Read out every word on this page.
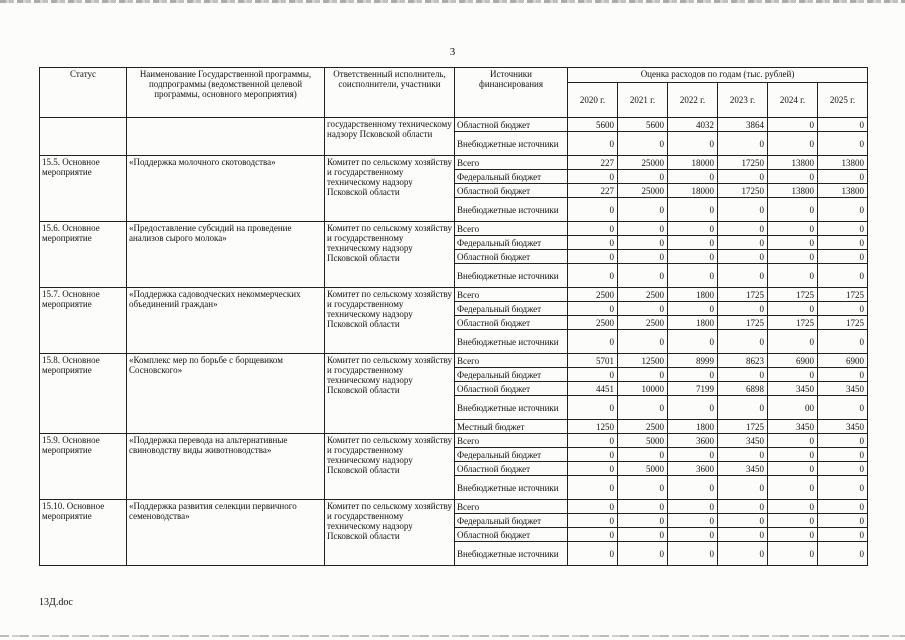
3
Статус	Наименование Государственной программы, подпрограммы (ведомственной целевой программы, основного мероприятия)	Ответственный исполнитель, соисполнители, участники	Источники финансирования	Оценка расходов по годам (тыс. рублей)					
				2020 г.	2021 г.	2022 г.	2023 г.	2024 г.	2025 г.
		государственному техническому надзору Псковской области	Областной бюджет	5600	5600	4032	3864	0	0
			Внебюджетные источники	0	0	0	0	0	0
15.5. Основное мероприятие	«Поддержка молочного скотоводства»	Комитет по сельскому хозяйству и государственному техническому надзору Псковской области	Всего	227	25000	18000	17250	13800	13800
			Федеральный бюджет	0	0	0	0	0	0
			Областной бюджет	227	25000	18000	17250	13800	13800
			Внебюджетные источники	0	0	0	0	0	0
15.6. Основное мероприятие	«Предоставление субсидий на проведение анализов сырого молока»	Комитет по сельскому хозяйству и государственному техническому надзору Псковской области	Всего	0	0	0	0	0	0
			Федеральный бюджет	0	0	0	0	0	0
			Областной бюджет	0	0	0	0	0	0
			Внебюджетные источники	0	0	0	0	0	0
15.7. Основное мероприятие	«Поддержка садоводческих некоммерческих объединений граждан»	Комитет по сельскому хозяйству и государственному техническому надзору Псковской области	Всего	2500	2500	1800	1725	1725	1725
			Федеральный бюджет	0	0	0	0	0	0
			Областной бюджет	2500	2500	1800	1725	1725	1725
			Внебюджетные источники	0	0	0	0	0	0
15.8. Основное мероприятие	«Комплекс мер по борьбе с борщевиком Сосновского»	Комитет по сельскому хозяйству и государственному техническому надзору Псковской области	Всего	5701	12500	8999	8623	6900	6900
			Федеральный бюджет	0	0	0	0	0	0
			Областной бюджет	4451	10000	7199	6898	3450	3450
			Внебюджетные источники	0	0	0	0	00	0
			Местный бюджет	1250	2500	1800	1725	3450	3450
15.9. Основное мероприятие	«Поддержка перевода на альтернативные свиноводству виды животноводства»	Комитет по сельскому хозяйству и государственному техническому надзору Псковской области	Всего	0	5000	3600	3450	0	0
			Федеральный бюджет	0	0	0	0	0	0
			Областной бюджет	0	5000	3600	3450	0	0
			Внебюджетные источники	0	0	0	0	0	0
15.10. Основное мероприятие	«Поддержка развития селекции первичного семеноводства»	Комитет по сельскому хозяйству и государственному техническому надзору Псковской области	Всего	0	0	0	0	0	0
			Федеральный бюджет	0	0	0	0	0	0
			Областной бюджет	0	0	0	0	0	0
			Внебюджетные источники	0	0	0	0	0	0
13Д.doc
